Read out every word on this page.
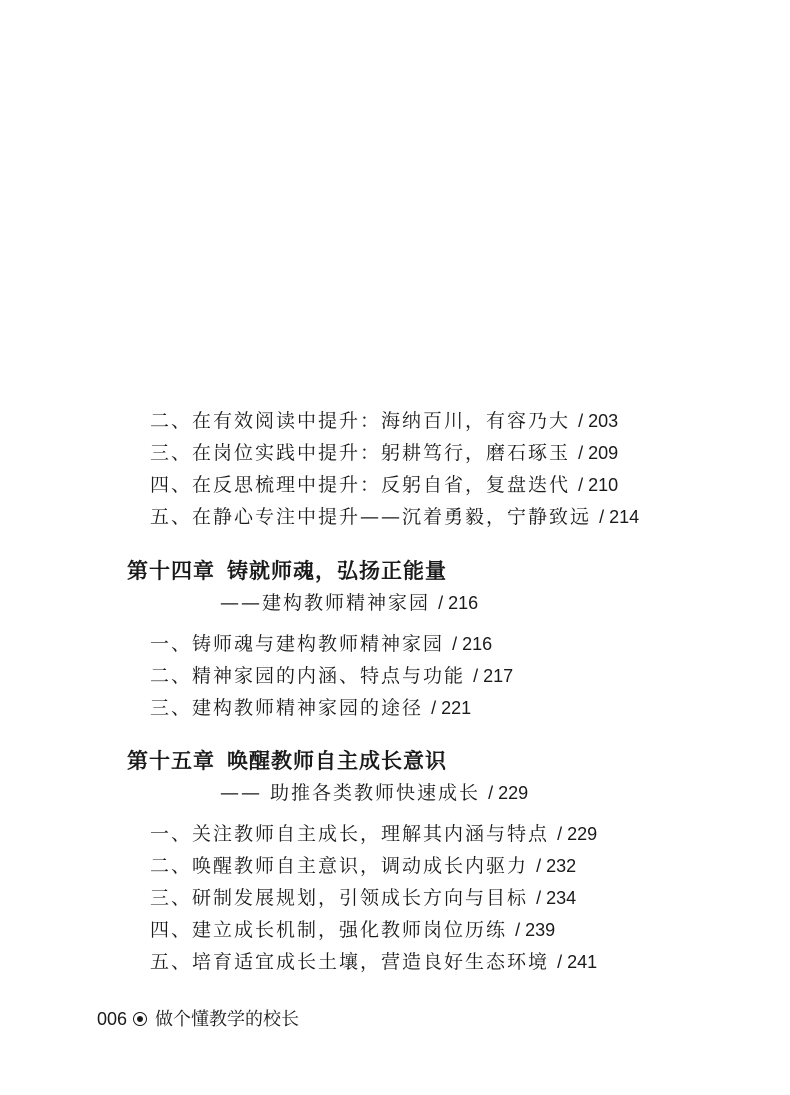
二、在有效阅读中提升：海纳百川，有容乃大 / 203
三、在岗位实践中提升：躬耕笃行，磨石琢玉 / 209
四、在反思梳理中提升：反躬自省，复盘迭代 / 210
五、在静心专注中提升——沉着勇毅，宁静致远 / 214
第十四章 铸就师魂，弘扬正能量
——建构教师精神家园 / 216
一、铸师魂与建构教师精神家园 / 216
二、精神家园的内涵、特点与功能 / 217
三、建构教师精神家园的途径 / 221
第十五章 唤醒教师自主成长意识
—— 助推各类教师快速成长 / 229
一、关注教师自主成长，理解其内涵与特点 / 229
二、唤醒教师自主意识，调动成长内驱力 / 232
三、研制发展规划，引领成长方向与目标 / 234
四、建立成长机制，强化教师岗位历练 / 239
五、培育适宜成长土壤，营造良好生态环境 / 241
006 做个懂教学的校长
